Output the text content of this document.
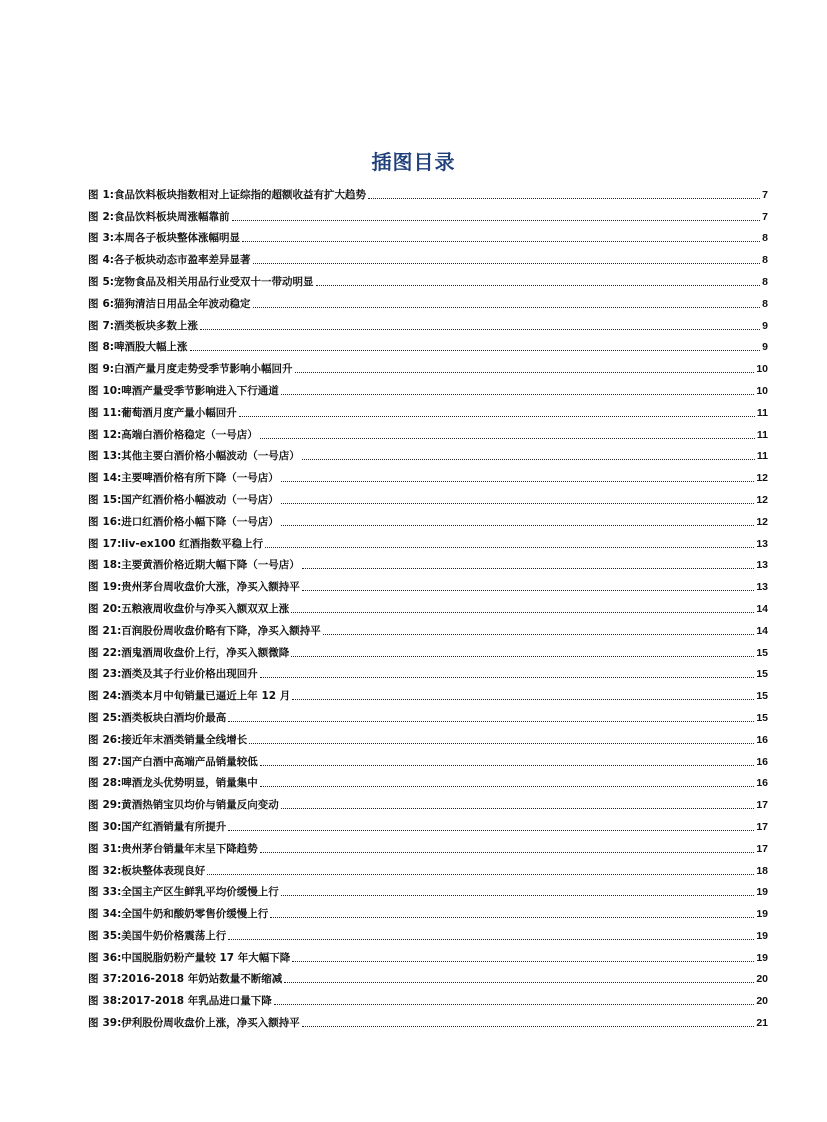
插图目录
图 1:食品饮料板块指数相对上证综指的超额收益有扩大趋势	7
图 2:食品饮料板块周涨幅靠前	7
图 3:本周各子板块整体涨幅明显	8
图 4:各子板块动态市盈率差异显著	8
图 5:宠物食品及相关用品行业受双十一带动明显	8
图 6:猫狗清洁日用品全年波动稳定	8
图 7:酒类板块多数上涨	9
图 8:啤酒股大幅上涨	9
图 9:白酒产量月度走势受季节影响小幅回升	10
图 10:啤酒产量受季节影响进入下行通道	10
图 11:葡萄酒月度产量小幅回升	11
图 12:高端白酒价格稳定（一号店）	11
图 13:其他主要白酒价格小幅波动（一号店）	11
图 14:主要啤酒价格有所下降（一号店）	12
图 15:国产红酒价格小幅波动（一号店）	12
图 16:进口红酒价格小幅下降（一号店）	12
图 17:liv-ex100 红酒指数平稳上行	13
图 18:主要黄酒价格近期大幅下降（一号店）	13
图 19:贵州茅台周收盘价大涨，净买入额持平	13
图 20:五粮液周收盘价与净买入额双双上涨	14
图 21:百润股份周收盘价略有下降，净买入额持平	14
图 22:酒鬼酒周收盘价上行，净买入额微降	15
图 23:酒类及其子行业价格出现回升	15
图 24:酒类本月中旬销量已逼近上年 12 月	15
图 25:酒类板块白酒均价最高	15
图 26:接近年末酒类销量全线增长	16
图 27:国产白酒中高端产品销量较低	16
图 28:啤酒龙头优势明显，销量集中	16
图 29:黄酒热销宝贝均价与销量反向变动	17
图 30:国产红酒销量有所提升	17
图 31:贵州茅台销量年末呈下降趋势	17
图 32:板块整体表现良好	18
图 33:全国主产区生鲜乳平均价缓慢上行	19
图 34:全国牛奶和酸奶零售价缓慢上行	19
图 35:美国牛奶价格震荡上行	19
图 36:中国脱脂奶粉产量较 17 年大幅下降	19
图 37:2016-2018 年奶站数量不断缩减	20
图 38:2017-2018 年乳品进口量下降	20
图 39:伊利股份周收盘价上涨，净买入额持平	21
